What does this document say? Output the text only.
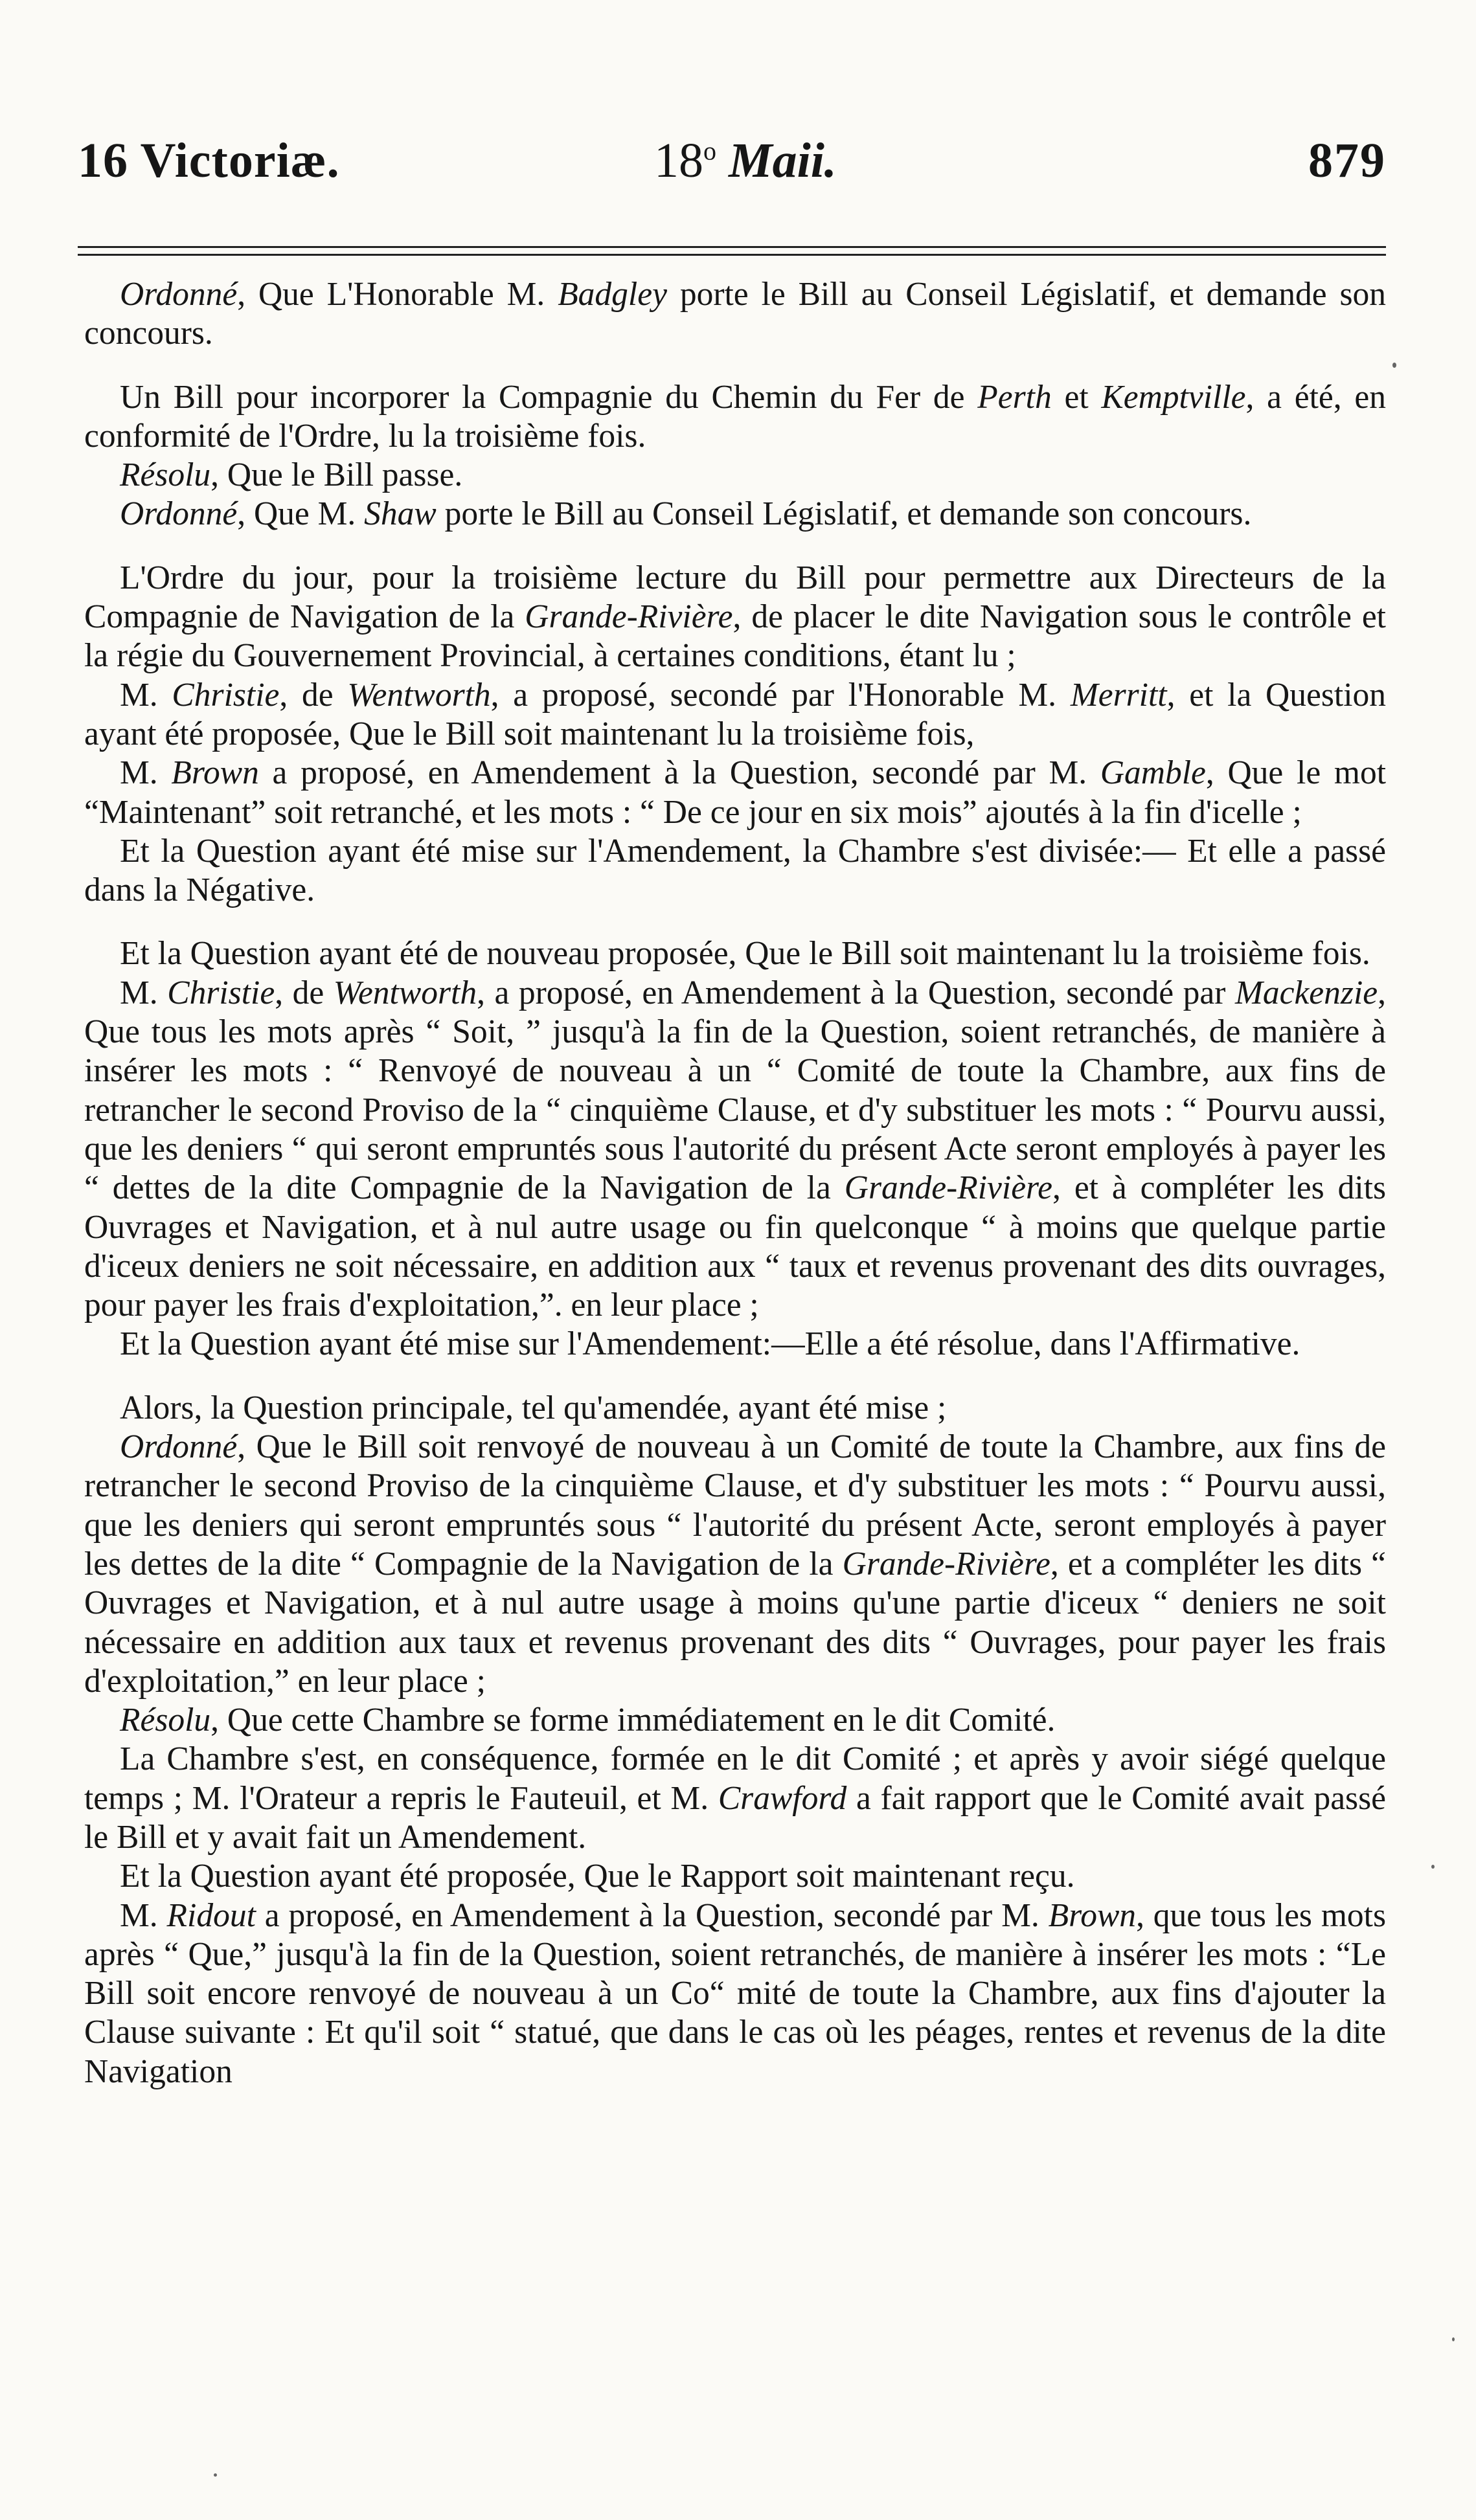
16 Victoriæ.	18$^o$ Maii.	879

Ordonné, Que L'Honorable M. Badgley porte le Bill au Conseil Législatif, et demande son concours.

Un Bill pour incorporer la Compagnie du Chemin du Fer de Perth et Kemptville, a été, en conformité de l'Ordre, lu la troisième fois.

Résolu, Que le Bill passe.

Ordonné, Que M. Shaw porte le Bill au Conseil Législatif, et demande son concours.

L'Ordre du jour, pour la troisième lecture du Bill pour permettre aux Directeurs de la Compagnie de Navigation de la Grande-Rivière, de placer le dite Navigation sous le contrôle et la régie du Gouvernement Provincial, à certaines conditions, étant lu ;

M. Christie, de Wentworth, a proposé, secondé par l'Honorable M. Merritt, et la Question ayant été proposée, Que le Bill soit maintenant lu la troisième fois,

M. Brown a proposé, en Amendement à la Question, secondé par M. Gamble, Que le mot “Maintenant” soit retranché, et les mots : “ De ce jour en six mois” ajoutés à la fin d'icelle ;

Et la Question ayant été mise sur l'Amendement, la Chambre s'est divisée:— Et elle a passé dans la Négative.

Et la Question ayant été de nouveau proposée, Que le Bill soit maintenant lu la troisième fois.

M. Christie, de Wentworth, a proposé, en Amendement à la Question, secondé par Mackenzie, Que tous les mots après “ Soit, ” jusqu'à la fin de la Question, soient retranchés, de manière à insérer les mots : “ Renvoyé de nouveau à un “ Comité de toute la Chambre, aux fins de retrancher le second Proviso de la “ cinquième Clause, et d'y substituer les mots : “ Pourvu aussi, que les deniers “ qui seront empruntés sous l'autorité du présent Acte seront employés à payer les “ dettes de la dite Compagnie de la Navigation de la Grande-Rivière, et à compléter les dits Ouvrages et Navigation, et à nul autre usage ou fin quelconque “ à moins que quelque partie d'iceux deniers ne soit nécessaire, en addition aux “ taux et revenus provenant des dits ouvrages, pour payer les frais d'exploitation,”. en leur place ;

Et la Question ayant été mise sur l'Amendement:—Elle a été résolue, dans l'Affirmative.

Alors, la Question principale, tel qu'amendée, ayant été mise ;

Ordonné, Que le Bill soit renvoyé de nouveau à un Comité de toute la Chambre, aux fins de retrancher le second Proviso de la cinquième Clause, et d'y substituer les mots : “ Pourvu aussi, que les deniers qui seront empruntés sous “ l'autorité du présent Acte, seront employés à payer les dettes de la dite “ Compagnie de la Navigation de la Grande-Rivière, et a compléter les dits “ Ouvrages et Navigation, et à nul autre usage à moins qu'une partie d'iceux “ deniers ne soit nécessaire en addition aux taux et revenus provenant des dits “ Ouvrages, pour payer les frais d'exploitation,” en leur place ;

Résolu, Que cette Chambre se forme immédiatement en le dit Comité.

La Chambre s'est, en conséquence, formée en le dit Comité ; et après y avoir siégé quelque temps ; M. l'Orateur a repris le Fauteuil, et M. Crawford a fait rapport que le Comité avait passé le Bill et y avait fait un Amendement.

Et la Question ayant été proposée, Que le Rapport soit maintenant reçu.

M. Ridout a proposé, en Amendement à la Question, secondé par M. Brown, que tous les mots après “ Que,” jusqu'à la fin de la Question, soient retranchés, de manière à insérer les mots : “Le Bill soit encore renvoyé de nouveau à un Co“ mité de toute la Chambre, aux fins d'ajouter la Clause suivante : Et qu'il soit “ statué, que dans le cas où les péages, rentes et revenus de la dite Navigation
